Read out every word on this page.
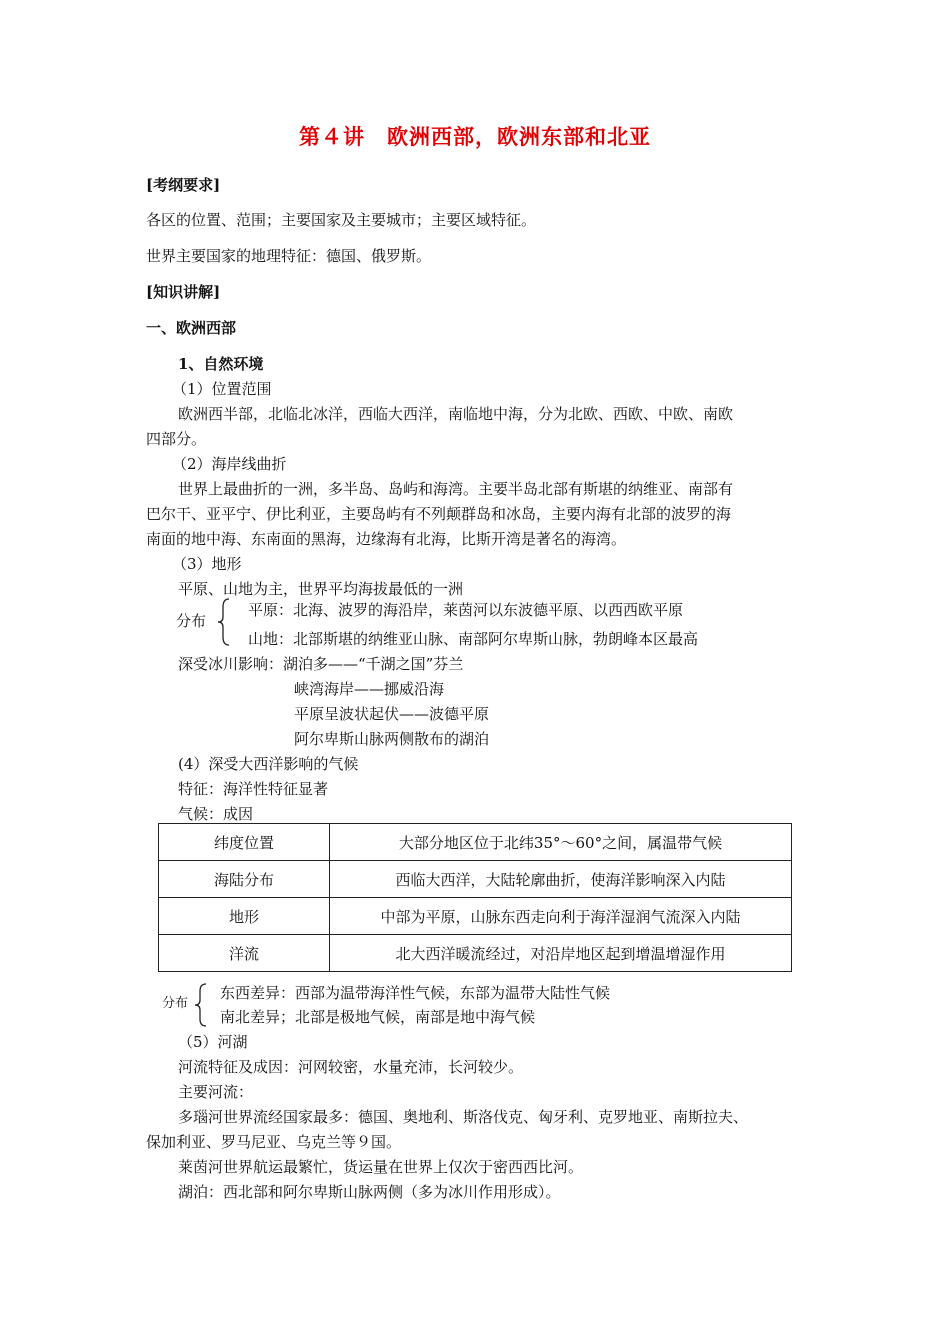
第４讲　欧洲西部，欧洲东部和北亚
[考纲要求]
各区的位置、范围；主要国家及主要城市；主要区域特征。
世界主要国家的地理特征：德国、俄罗斯。
[知识讲解]
一、欧洲西部
1、自然环境
（1）位置范围
欧洲西半部，北临北冰洋，西临大西洋，南临地中海，分为北欧、西欧、中欧、南欧
四部分。
（2）海岸线曲折
世界上最曲折的一洲，多半岛、岛屿和海湾。主要半岛北部有斯堪的纳维亚、南部有
巴尔干、亚平宁、伊比利亚，主要岛屿有不列颠群岛和冰岛，主要内海有北部的波罗的海
南面的地中海、东南面的黑海，边缘海有北海，比斯开湾是著名的海湾。
（3）地形
平原、山地为主，世界平均海拔最低的一洲
分布
平原：北海、波罗的海沿岸，莱茵河以东波德平原、以西西欧平原
山地：北部斯堪的纳维亚山脉、南部阿尔卑斯山脉，勃朗峰本区最高
深受冰川影响：湖泊多——“千湖之国”芬兰
峡湾海岸——挪威沿海
平原呈波状起伏——波德平原
阿尔卑斯山脉两侧散布的湖泊
(4）深受大西洋影响的气候
特征：海洋性特征显著
气候：成因
纬度位置	大部分地区位于北纬35°～60°之间，属温带气候
海陆分布	西临大西洋，大陆轮廓曲折，使海洋影响深入内陆
地形	中部为平原，山脉东西走向利于海洋湿润气流深入内陆
洋流	北大西洋暖流经过，对沿岸地区起到增温增湿作用
分布
东西差异：西部为温带海洋性气候，东部为温带大陆性气候
南北差异；北部是极地气候，南部是地中海气候
（5）河湖
河流特征及成因：河网较密，水量充沛，长河较少。
主要河流：
多瑙河世界流经国家最多：德国、奥地利、斯洛伐克、匈牙利、克罗地亚、南斯拉夫、
保加利亚、罗马尼亚、乌克兰等９国。
莱茵河世界航运最繁忙，货运量在世界上仅次于密西西比河。
湖泊：西北部和阿尔卑斯山脉两侧（多为冰川作用形成）。
